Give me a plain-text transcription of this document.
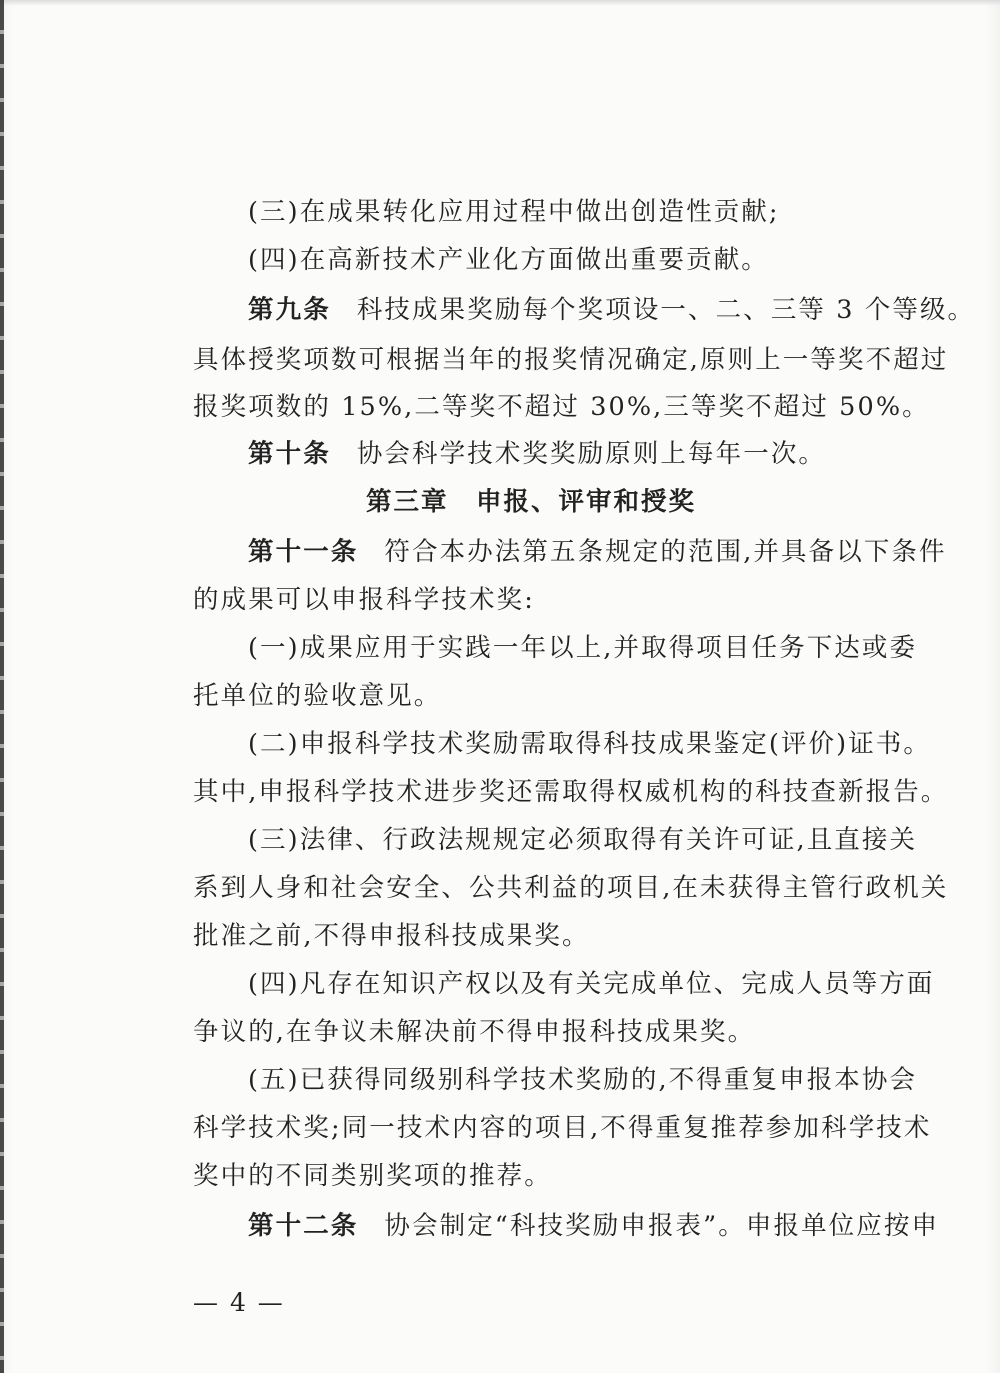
(三)在成果转化应用过程中做出创造性贡献;
(四)在高新技术产业化方面做出重要贡献。
第九条 科技成果奖励每个奖项设一、二、三等 3 个等级。
具体授奖项数可根据当年的报奖情况确定,原则上一等奖不超过
报奖项数的 15%,二等奖不超过 30%,三等奖不超过 50%。
第十条 协会科学技术奖奖励原则上每年一次。
第三章　申报、评审和授奖
第十一条 符合本办法第五条规定的范围,并具备以下条件
的成果可以申报科学技术奖:
(一)成果应用于实践一年以上,并取得项目任务下达或委
托单位的验收意见。
(二)申报科学技术奖励需取得科技成果鉴定(评价)证书。
其中,申报科学技术进步奖还需取得权威机构的科技查新报告。
(三)法律、行政法规规定必须取得有关许可证,且直接关
系到人身和社会安全、公共利益的项目,在未获得主管行政机关
批准之前,不得申报科技成果奖。
(四)凡存在知识产权以及有关完成单位、完成人员等方面
争议的,在争议未解决前不得申报科技成果奖。
(五)已获得同级别科学技术奖励的,不得重复申报本协会
科学技术奖;同一技术内容的项目,不得重复推荐参加科学技术
奖中的不同类别奖项的推荐。
第十二条 协会制定“科技奖励申报表”。申报单位应按申
— 4 —
